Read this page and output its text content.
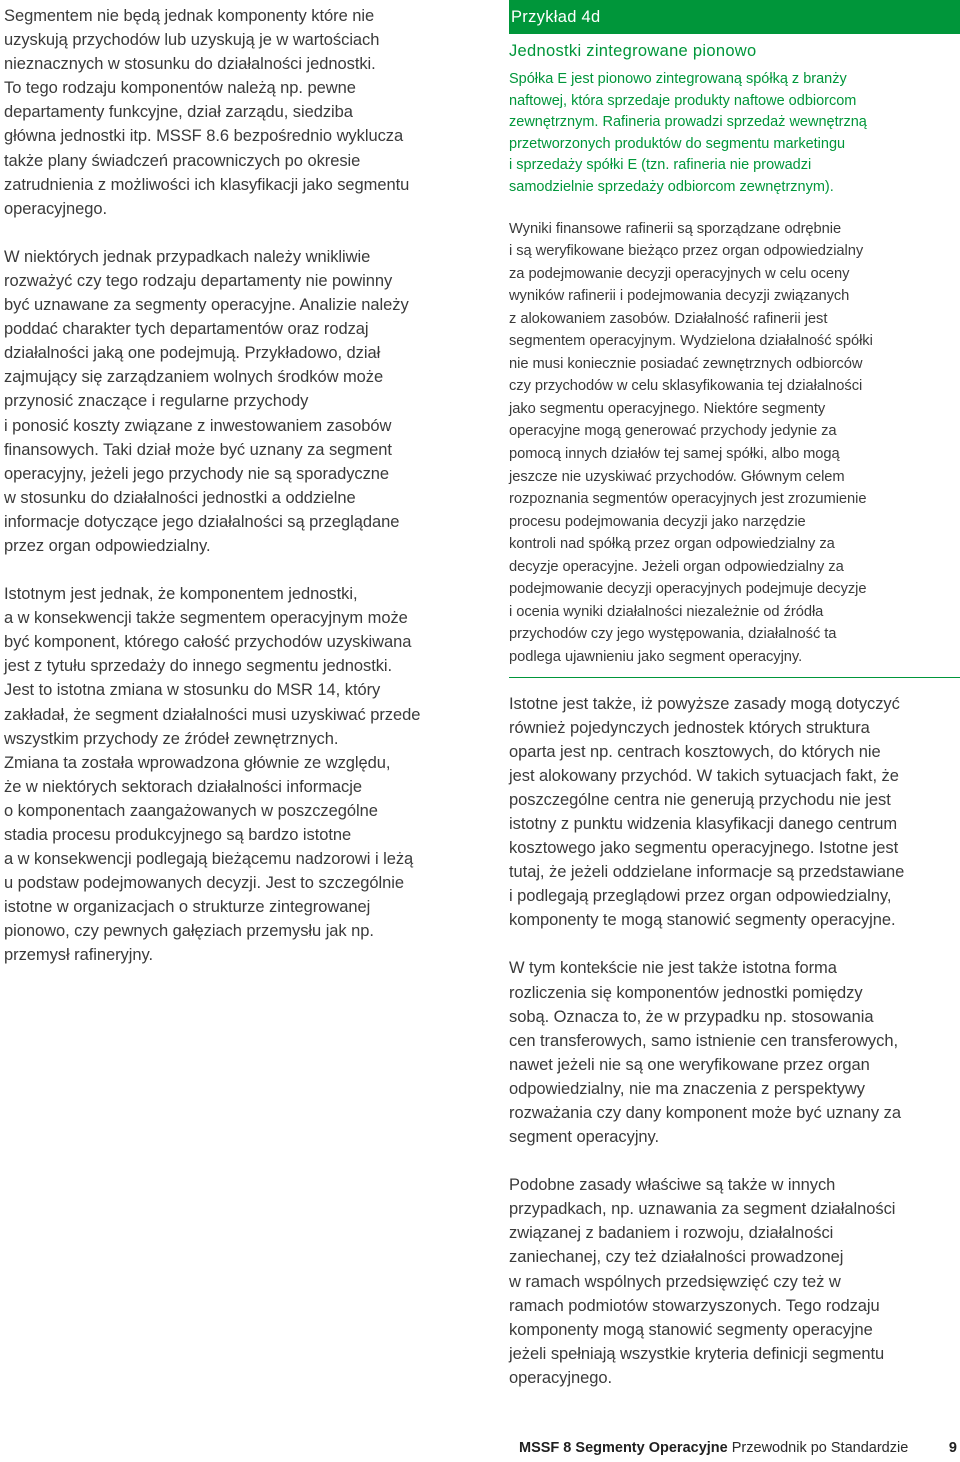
Segmentem nie będą jednak komponenty które nie
uzyskują przychodów lub uzyskują je w wartościach
nieznacznych w stosunku do działalności jednostki.
To tego rodzaju komponentów należą np. pewne
departamenty funkcyjne, dział zarządu, siedziba
główna jednostki itp. MSSF 8.6 bezpośrednio wyklucza
także plany świadczeń pracowniczych po okresie
zatrudnienia z możliwości ich klasyfikacji jako segmentu
operacyjnego.

W niektórych jednak przypadkach należy wnikliwie
rozważyć czy tego rodzaju departamenty nie powinny
być uznawane za segmenty operacyjne. Analizie należy
poddać charakter tych departamentów oraz rodzaj
działalności jaką one podejmują. Przykładowo, dział
zajmujący się zarządzaniem wolnych środków może
przynosić znaczące i regularne przychody
i ponosić koszty związane z inwestowaniem zasobów
finansowych. Taki dział może być uznany za segment
operacyjny, jeżeli jego przychody nie są sporadyczne
w stosunku do działalności jednostki a oddzielne
informacje dotyczące jego działalności są przeglądane
przez organ odpowiedzialny.

Istotnym jest jednak, że komponentem jednostki,
a w konsekwencji także segmentem operacyjnym może
być komponent, którego całość przychodów uzyskiwana
jest z tytułu sprzedaży do innego segmentu jednostki.
Jest to istotna zmiana w stosunku do MSR 14, który
zakładał, że segment działalności musi uzyskiwać przede
wszystkim przychody ze źródeł zewnętrznych.
Zmiana ta została wprowadzona głównie ze względu,
że w niektórych sektorach działalności informacje
o komponentach zaangażowanych w poszczególne
stadia procesu produkcyjnego są bardzo istotne
a w konsekwencji podlegają bieżącemu nadzorowi i leżą
u podstaw podejmowanych decyzji. Jest to szczególnie
istotne w organizacjach o strukturze zintegrowanej
pionowo, czy pewnych gałęziach przemysłu jak np.
przemysł rafineryjny.

Przykład 4d
Jednostki zintegrowane pionowo

Spółka E jest pionowo zintegrowaną spółką z branży
naftowej, która sprzedaje produkty naftowe odbiorcom
zewnętrznym. Rafineria prowadzi sprzedaż wewnętrzną
przetworzonych produktów do segmentu marketingu
i sprzedaży spółki E (tzn. rafineria nie prowadzi
samodzielnie sprzedaży odbiorcom zewnętrznym).

Wyniki finansowe rafinerii są sporządzane odrębnie
i są weryfikowane bieżąco przez organ odpowiedzialny
za podejmowanie decyzji operacyjnych w celu oceny
wyników rafinerii i podejmowania decyzji związanych
z alokowaniem zasobów. Działalność rafinerii jest
segmentem operacyjnym. Wydzielona działalność spółki
nie musi koniecznie posiadać zewnętrznych odbiorców
czy przychodów w celu sklasyfikowania tej działalności
jako segmentu operacyjnego. Niektóre segmenty
operacyjne mogą generować przychody jedynie za
pomocą innych działów tej samej spółki, albo mogą
jeszcze nie uzyskiwać przychodów. Głównym celem
rozpoznania segmentów operacyjnych jest zrozumienie
procesu podejmowania decyzji jako narzędzie
kontroli nad spółką przez organ odpowiedzialny za
decyzje operacyjne. Jeżeli organ odpowiedzialny za
podejmowanie decyzji operacyjnych podejmuje decyzje
i ocenia wyniki działalności niezależnie od źródła
przychodów czy jego występowania, działalność ta
podlega ujawnieniu jako segment operacyjny.

Istotne jest także, iż powyższe zasady mogą dotyczyć
również pojedynczych jednostek których struktura
oparta jest np. centrach kosztowych, do których nie
jest alokowany przychód. W takich sytuacjach fakt, że
poszczególne centra nie generują przychodu nie jest
istotny z punktu widzenia klasyfikacji danego centrum
kosztowego jako segmentu operacyjnego. Istotne jest
tutaj, że jeżeli oddzielane informacje są przedstawiane
i podlegają przeglądowi przez organ odpowiedzialny,
komponenty te mogą stanowić segmenty operacyjne.

W tym kontekście nie jest także istotna forma
rozliczenia się komponentów jednostki pomiędzy
sobą. Oznacza to, że w przypadku np. stosowania
cen transferowych, samo istnienie cen transferowych,
nawet jeżeli nie są one weryfikowane przez organ
odpowiedzialny, nie ma znaczenia z perspektywy
rozważania czy dany komponent może być uznany za
segment operacyjny.

Podobne zasady właściwe są także w innych
przypadkach, np. uznawania za segment działalności
związanej z badaniem i rozwoju, działalności
zaniechanej, czy też działalności prowadzonej
w ramach wspólnych przedsięwzięć czy też w
ramach podmiotów stowarzyszonych. Tego rodzaju
komponenty mogą stanowić segmenty operacyjne
jeżeli spełniają wszystkie kryteria definicji segmentu
operacyjnego.

MSSF 8 Segmenty Operacyjne Przewodnik po Standardzie	9
